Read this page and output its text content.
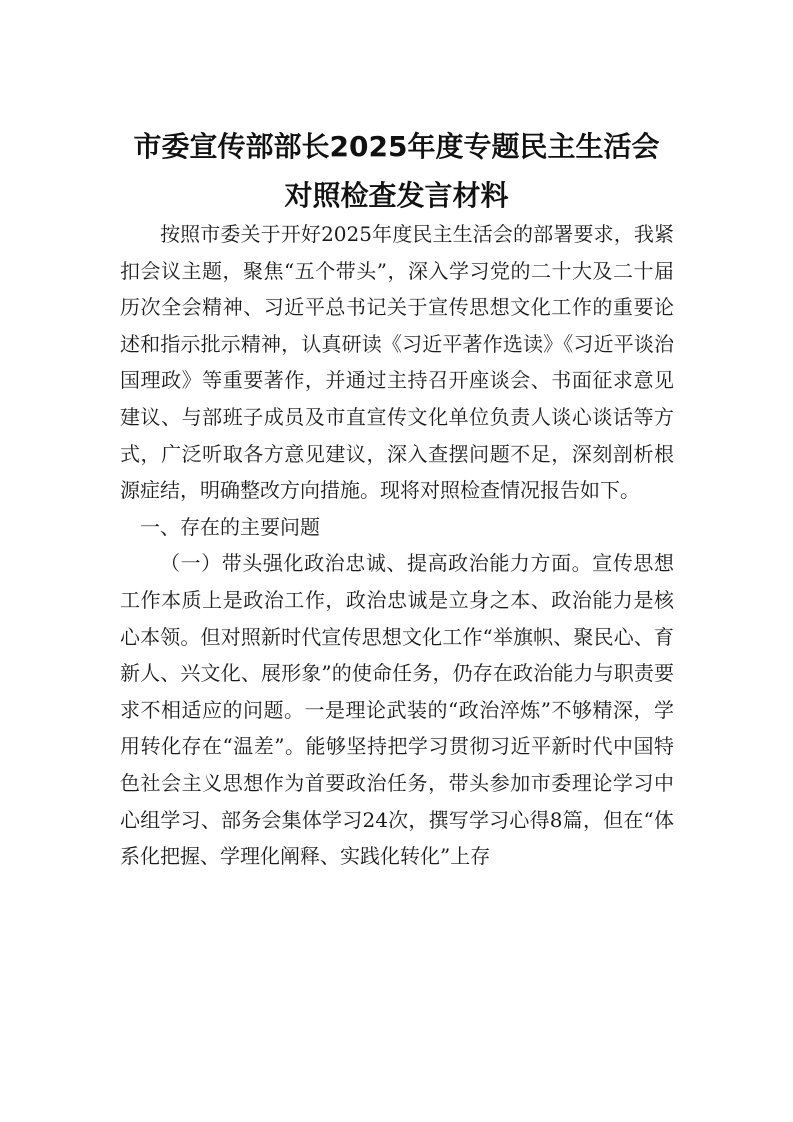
市委宣传部部长2025年度专题民主生活会
对照检查发言材料

按照市委关于开好2025年度民主生活会的部署要求，我紧扣会议主题，聚焦“五个带头”，深入学习党的二十大及二十届历次全会精神、习近平总书记关于宣传思想文化工作的重要论述和指示批示精神，认真研读《习近平著作选读》《习近平谈治国理政》等重要著作，并通过主持召开座谈会、书面征求意见建议、与部班子成员及市直宣传文化单位负责人谈心谈话等方式，广泛听取各方意见建议，深入查摆问题不足，深刻剖析根源症结，明确整改方向措施。现将对照检查情况报告如下。

一、存在的主要问题

（一）带头强化政治忠诚、提高政治能力方面。宣传思想工作本质上是政治工作，政治忠诚是立身之本、政治能力是核心本领。但对照新时代宣传思想文化工作“举旗帜、聚民心、育新人、兴文化、展形象”的使命任务，仍存在政治能力与职责要求不相适应的问题。一是理论武装的“政治淬炼”不够精深，学用转化存在“温差”。能够坚持把学习贯彻习近平新时代中国特色社会主义思想作为首要政治任务，带头参加市委理论学习中心组学习、部务会集体学习24次，撰写学习心得8篇，但在“体系化把握、学理化阐释、实践化转化”上存
